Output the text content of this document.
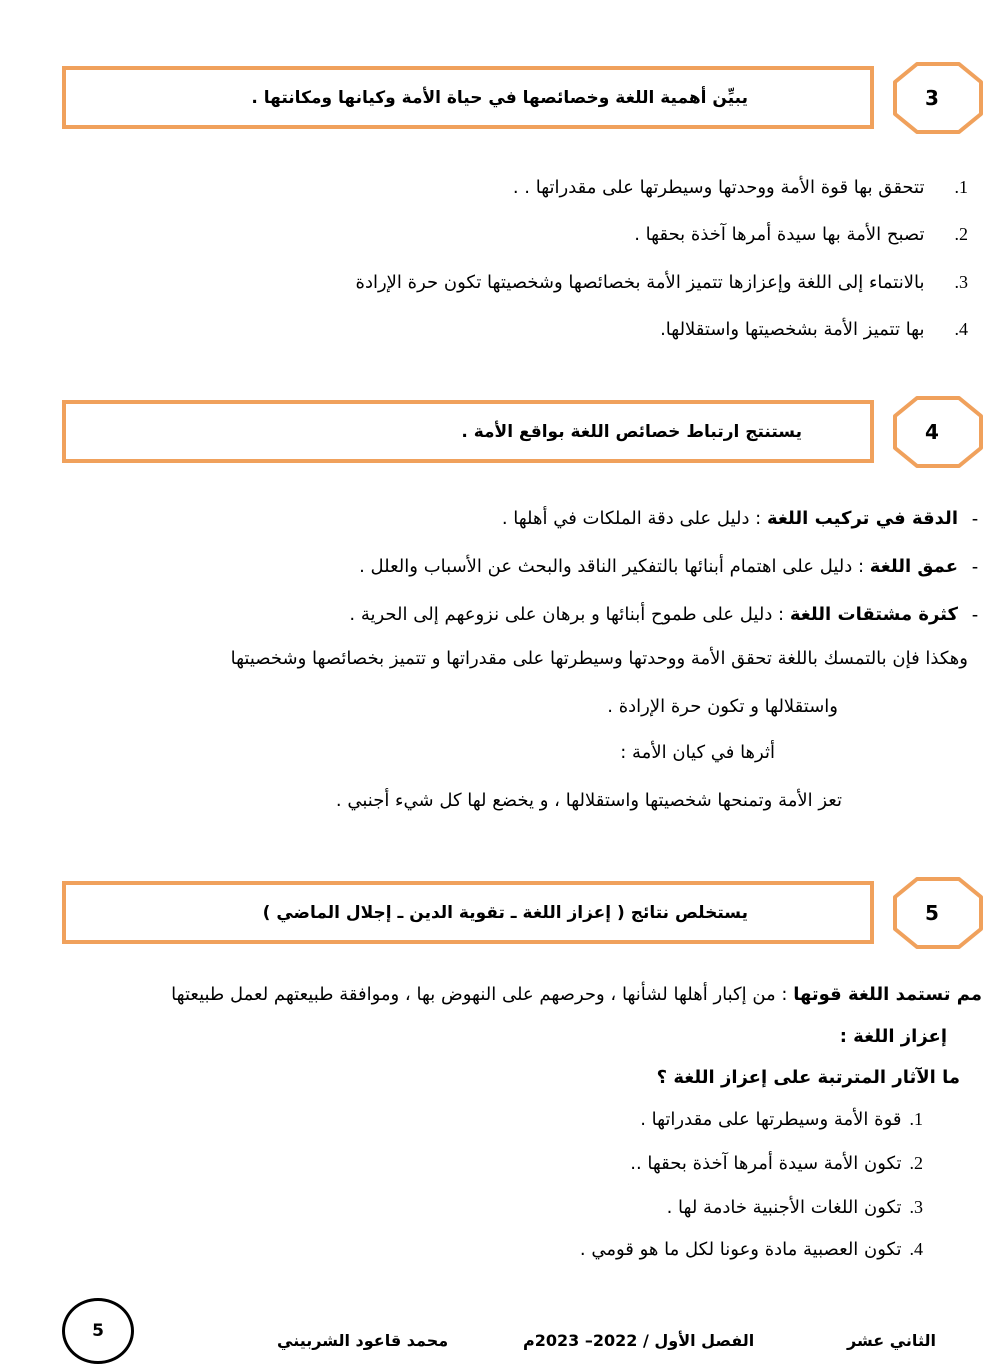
يبيِّن أهمية اللغة وخصائصها في حياة الأمة وكيانها ومكانتها .	3
1.تتحقق بها قوة الأمة ووحدتها وسيطرتها على مقدراتها . .
2.تصبح الأمة بها سيدة أمرها آخذة بحقها .
3.بالانتماء إلى اللغة وإعزازها تتميز الأمة بخصائصها وشخصيتها تكون حرة الإرادة
4.بها تتميز الأمة بشخصيتها واستقلالها.
يستنتج ارتباط خصائص اللغة بواقع الأمة .	4
-الدقة في تركيب اللغة : دليل على دقة الملكات في أهلها .
-عمق اللغة : دليل على اهتمام أبنائها بالتفكير الناقد والبحث عن الأسباب والعلل .
-كثرة مشتقات اللغة : دليل على طموح أبنائها و برهان على نزوعهم إلى الحرية .
وهكذا فإن بالتمسك باللغة تحقق الأمة ووحدتها وسيطرتها على مقدراتها و تتميز بخصائصها وشخصيتها
واستقلالها و تكون حرة الإرادة .
أثرها في كيان الأمة :
تعز الأمة وتمنحها شخصيتها واستقلالها ، و يخضع لها كل شيء أجنبي .
يستخلص نتائج ( إعزاز اللغة ـ تقوية الدين ـ إجلال الماضي )	5
مم تستمد اللغة قوتها : من إكبار أهلها لشأنها ، وحرصهم على النهوض بها ، وموافقة طبيعتهم لعمل طبيعتها
إعزاز اللغة :
ما الآثار المترتبة على إعزاز اللغة ؟
1.قوة الأمة وسيطرتها على مقدراتها .
2.تكون الأمة سيدة أمرها آخذة بحقها ..
3.تكون اللغات الأجنبية خادمة لها .
4.تكون العصبية مادة وعونا لكل ما هو قومي .
5	محمد قاعود الشربيني	الفصل الأول / 2022– 2023م	الثاني عشر
